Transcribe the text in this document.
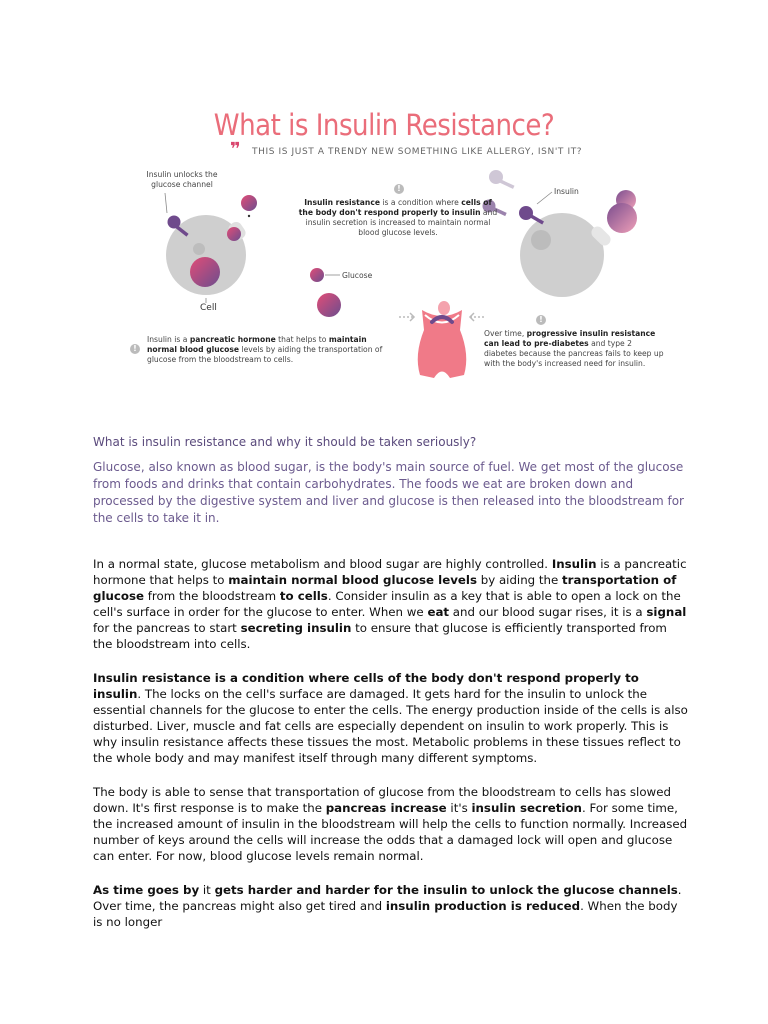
What is Insulin Resistance?
❞ THIS IS JUST A TRENDY NEW SOMETHING LIKE ALLERGY, ISN'T IT?
Insulin unlocks the glucose channel
Cell
Glucose
Insulin
!
Insulin resistance is a condition where cells of the body don't respond properly to insulin and insulin secretion is increased to maintain normal blood glucose levels.
!
Insulin is a pancreatic hormone that helps to maintain normal blood glucose levels by aiding the transportation of glucose from the bloodstream to cells.
!
Over time, progressive insulin resistance can lead to pre-diabetes and type 2 diabetes because the pancreas fails to keep up with the body's increased need for insulin.
What is insulin resistance and why it should be taken seriously?

Glucose, also known as blood sugar, is the body's main source of fuel. We get most of the glucose from foods and drinks that contain carbohydrates. The foods we eat are broken down and processed by the digestive system and liver and glucose is then released into the bloodstream for the cells to take it in.

In a normal state, glucose metabolism and blood sugar are highly controlled. Insulin is a pancreatic hormone that helps to maintain normal blood glucose levels by aiding the transportation of glucose from the bloodstream to cells. Consider insulin as a key that is able to open a lock on the cell's surface in order for the glucose to enter. When we eat and our blood sugar rises, it is a signal for the pancreas to start secreting insulin to ensure that glucose is efficiently transported from the bloodstream into cells.

Insulin resistance is a condition where cells of the body don't respond properly to insulin. The locks on the cell's surface are damaged. It gets hard for the insulin to unlock the essential channels for the glucose to enter the cells. The energy production inside of the cells is also disturbed. Liver, muscle and fat cells are especially dependent on insulin to work properly. This is why insulin resistance affects these tissues the most. Metabolic problems in these tissues reflect to the whole body and may manifest itself through many different symptoms.

The body is able to sense that transportation of glucose from the bloodstream to cells has slowed down. It's first response is to make the pancreas increase it's insulin secretion. For some time, the increased amount of insulin in the bloodstream will help the cells to function normally. Increased number of keys around the cells will increase the odds that a damaged lock will open and glucose can enter. For now, blood glucose levels remain normal.

As time goes by it gets harder and harder for the insulin to unlock the glucose channels. Over time, the pancreas might also get tired and insulin production is reduced. When the body is no longer
